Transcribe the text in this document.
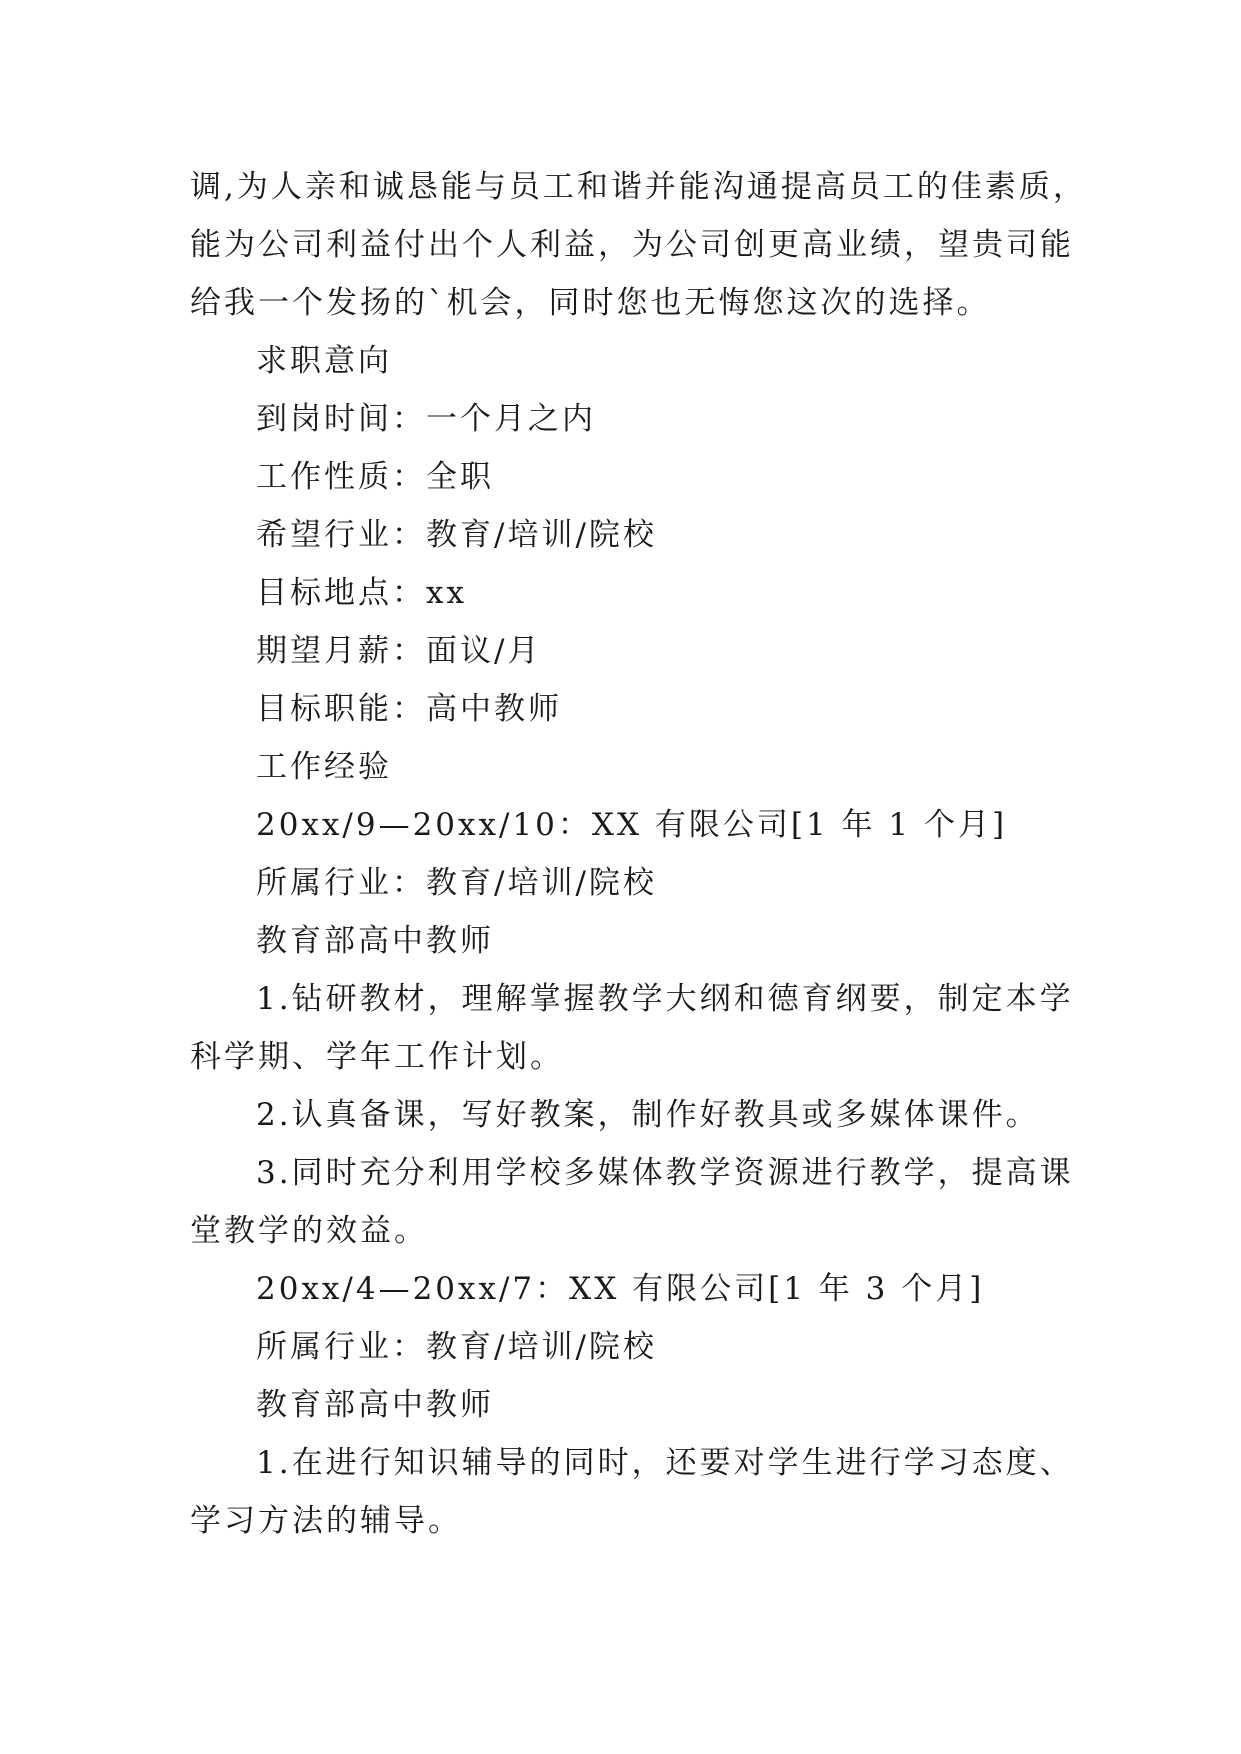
调,为人亲和诚恳能与员工和谐并能沟通提高员工的佳素质，
能为公司利益付出个人利益，为公司创更高业绩，望贵司能
给我一个发扬的`机会，同时您也无悔您这次的选择。
求职意向
到岗时间：一个月之内
工作性质：全职
希望行业：教育/培训/院校
目标地点：xx
期望月薪：面议/月
目标职能：高中教师
工作经验
20xx/9—20xx/10：XX 有限公司[1 年 1 个月]
所属行业：教育/培训/院校
教育部高中教师
1.钻研教材，理解掌握教学大纲和德育纲要，制定本学
科学期、学年工作计划。
2.认真备课，写好教案，制作好教具或多媒体课件。
3.同时充分利用学校多媒体教学资源进行教学，提高课
堂教学的效益。
20xx/4—20xx/7：XX 有限公司[1 年 3 个月]
所属行业：教育/培训/院校
教育部高中教师
1.在进行知识辅导的同时，还要对学生进行学习态度、
学习方法的辅导。
